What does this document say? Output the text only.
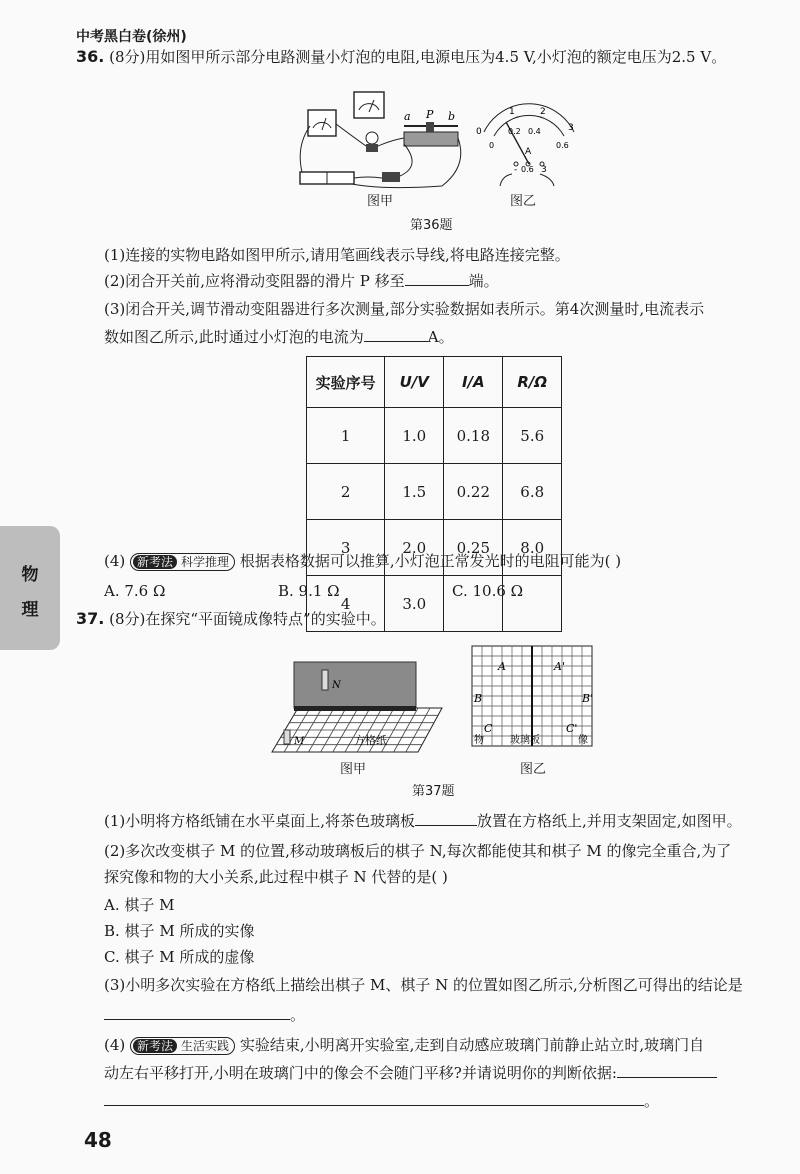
中考黑白卷(徐州)
物
理
36. (8分)用如图甲所示部分电路测量小灯泡的电阻,电源电压为4.5 V,小灯泡的额定电压为2.5 V。
a P b	1	2
0	0.2 0.4	3
0	0.6
A
- 0.6 3
图甲	图乙
第36题
(1)连接的实物电路如图甲所示,请用笔画线表示导线,将电路连接完整。
(2)闭合开关前,应将滑动变阻器的滑片 P 移至	端。
(3)闭合开关,调节滑动变阻器进行多次测量,部分实验数据如表所示。第4次测量时,电流表示
数如图乙所示,此时通过小灯泡的电流为	A。
实验序号	U/V	I/A	R/Ω
1	1.0	0.18	5.6
2	1.5	0.22	6.8
3	2.0	0.25	8.0
4	3.0		
(4) 新考法 科学推理 根据表格数据可以推算,小灯泡正常发光时的电阻可能为( )
A. 7.6 Ω	B. 9.1 Ω	C. 10.6 Ω
37. (8分)在探究“平面镜成像特点”的实验中。
N
M	方格纸
A	A'
B	B'
C	C'
物	玻璃板	像
图甲	图乙
第37题
(1)小明将方格纸铺在水平桌面上,将茶色玻璃板	放置在方格纸上,并用支架固定,如图甲。
(2)多次改变棋子 M 的位置,移动玻璃板后的棋子 N,每次都能使其和棋子 M 的像完全重合,为了
探究像和物的大小关系,此过程中棋子 N 代替的是( )
A. 棋子 M
B. 棋子 M 所成的实像
C. 棋子 M 所成的虚像
(3)小明多次实验在方格纸上描绘出棋子 M、棋子 N 的位置如图乙所示,分析图乙可得出的结论是
。
(4) 新考法 生活实践 实验结束,小明离开实验室,走到自动感应玻璃门前静止站立时,玻璃门自
动左右平移打开,小明在玻璃门中的像会不会随门平移?并请说明你的判断依据:
。
48
